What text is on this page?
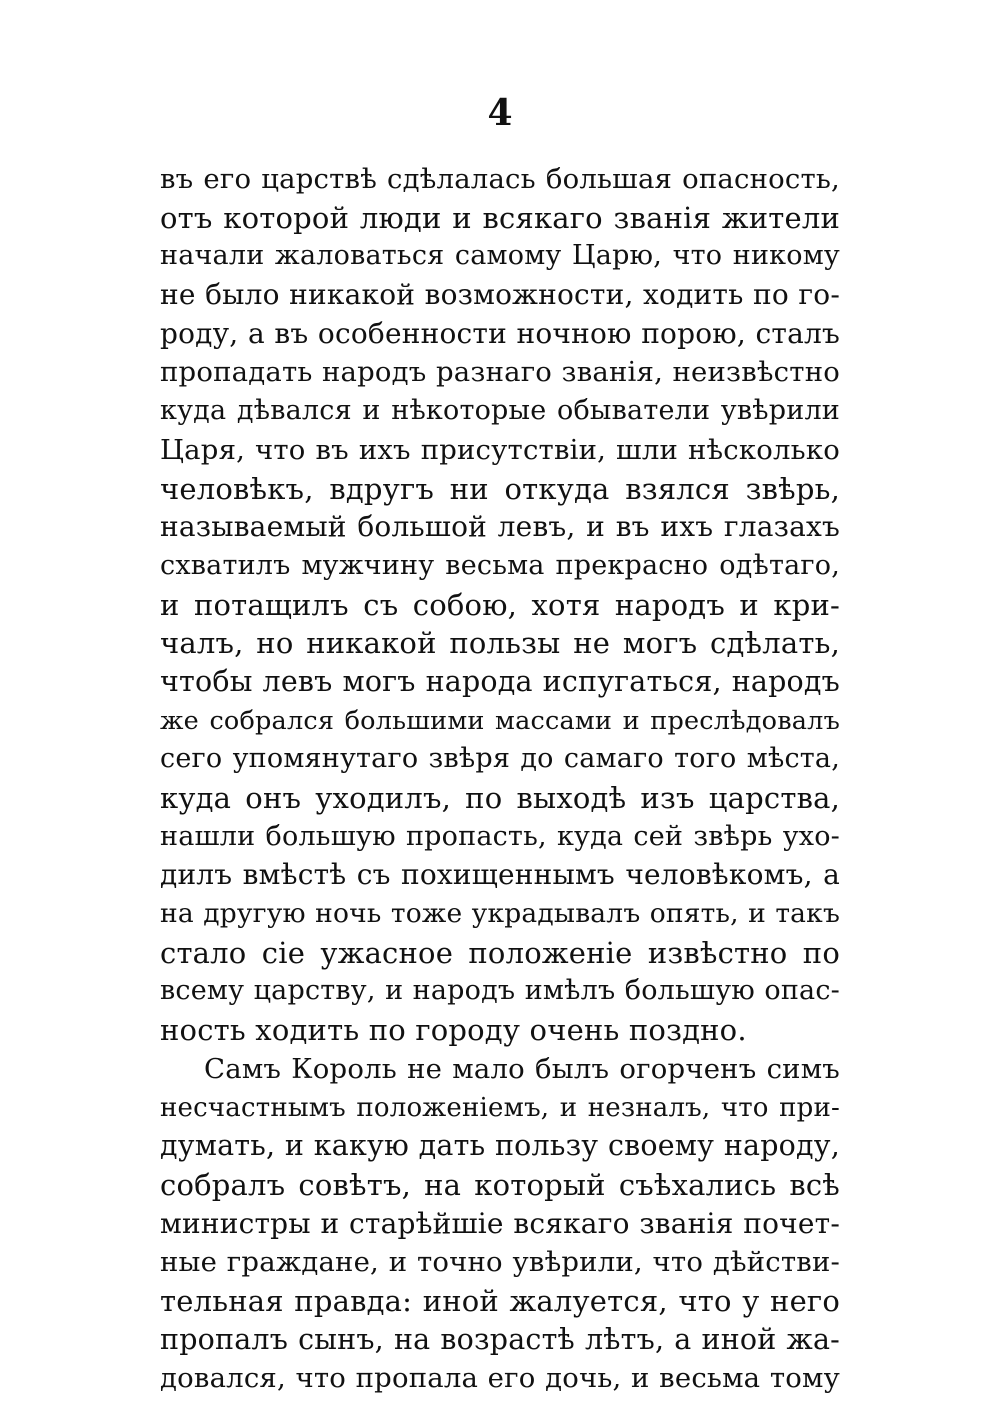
4
въ его царствѣ сдѣлалась большая опасность,
отъ которой люди и всякаго званія жители
начали жаловаться самому Царю, что никому
не было никакой возможности, ходить по го-
роду, а въ особенности ночною порою, сталъ
пропадать народъ разнаго званія, неизвѣстно
куда дѣвался и нѣкоторые обыватели увѣрили
Царя, что въ ихъ присутствіи, шли нѣсколько
человѣкъ, вдругъ ни откуда взялся звѣрь,
называемый большой левъ, и въ ихъ глазахъ
схватилъ мужчину весьма прекрасно одѣтаго,
и потащилъ съ собою, хотя народъ и кри-
чалъ, но никакой пользы не могъ сдѣлать,
чтобы левъ могъ народа испугаться, народъ
же собрался большими массами и преслѣдовалъ
сего упомянутаго звѣря до самаго того мѣста,
куда онъ уходилъ, по выходѣ изъ царства,
нашли большую пропасть, куда сей звѣрь ухо-
дилъ вмѣстѣ съ похищеннымъ человѣкомъ, а
на другую ночь тоже украдывалъ опять, и такъ
стало сіе ужасное положеніе извѣстно по
всему царству, и народъ имѣлъ большую опас-
ность ходить по городу очень поздно.
Самъ Король не мало былъ огорченъ симъ
несчастнымъ положеніемъ, и незналъ, что при-
думать, и какую дать пользу своему народу,
собралъ совѣтъ, на который съѣхались всѣ
министры и старѣйшіе всякаго званія почет-
ные граждане, и точно увѣрили, что дѣйстви-
тельная правда: иной жалуется, что у него
пропалъ сынъ, на возрастѣ лѣтъ, а иной жа-
довался, что пропала его дочь, и весьма тому
